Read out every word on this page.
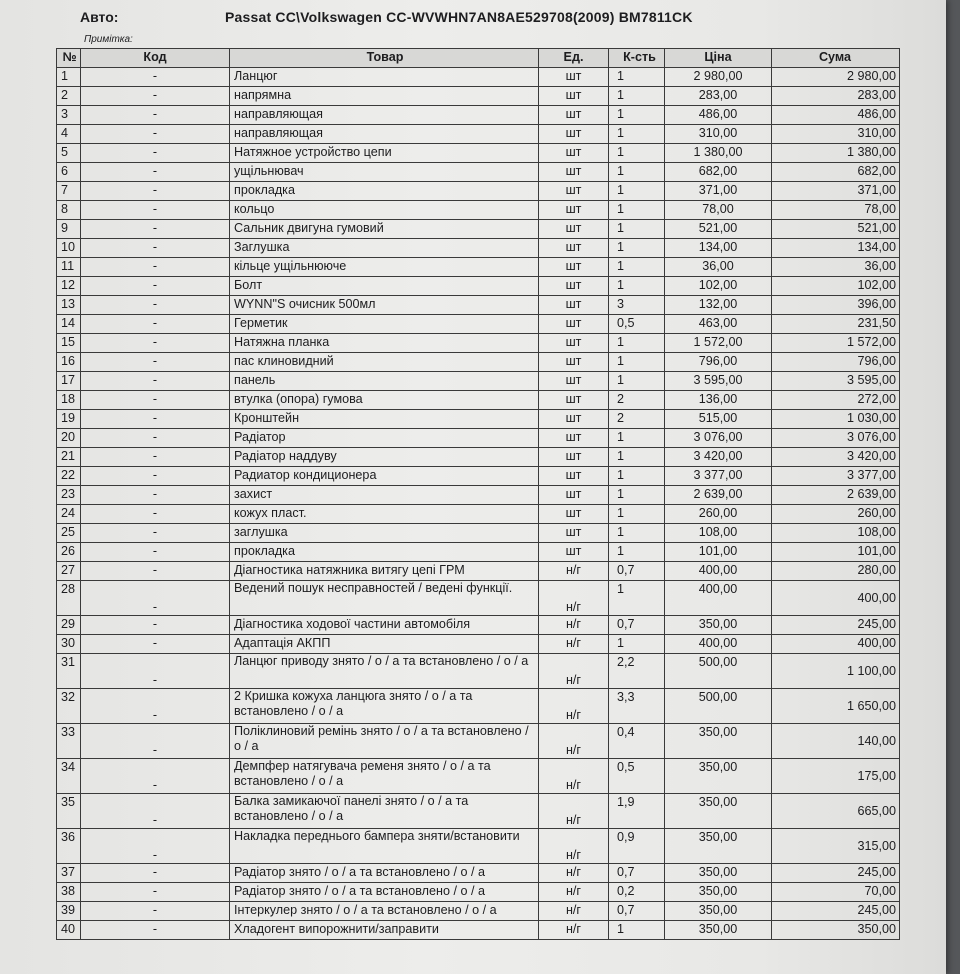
Авто:	Passat CC\Volkswagen CC-WVWHN7AN8AE529708(2009) BM7811CK
Примітка:
№	Код	Товар	Ед.	К-сть	Ціна	Сума
1	-	Ланцюг	шт	1	2 980,00	2 980,00
2	-	напрямна	шт	1	283,00	283,00
3	-	направляющая	шт	1	486,00	486,00
4	-	направляющая	шт	1	310,00	310,00
5	-	Натяжное устройство цепи	шт	1	1 380,00	1 380,00
6	-	ущільнювач	шт	1	682,00	682,00
7	-	прокладка	шт	1	371,00	371,00
8	-	кольцо	шт	1	78,00	78,00
9	-	Сальник двигуна гумовий	шт	1	521,00	521,00
10	-	Заглушка	шт	1	134,00	134,00
11	-	кільце ущільнююче	шт	1	36,00	36,00
12	-	Болт	шт	1	102,00	102,00
13	-	WYNN"S очисник 500мл	шт	3	132,00	396,00
14	-	Герметик	шт	0,5	463,00	231,50
15	-	Натяжна планка	шт	1	1 572,00	1 572,00
16	-	пас клиновидний	шт	1	796,00	796,00
17	-	панель	шт	1	3 595,00	3 595,00
18	-	втулка (опора) гумова	шт	2	136,00	272,00
19	-	Кронштейн	шт	2	515,00	1 030,00
20	-	Радіатор	шт	1	3 076,00	3 076,00
21	-	Радіатор наддуву	шт	1	3 420,00	3 420,00
22	-	Радиатор кондиционера	шт	1	3 377,00	3 377,00
23	-	захист	шт	1	2 639,00	2 639,00
24	-	кожух пласт.	шт	1	260,00	260,00
25	-	заглушка	шт	1	108,00	108,00
26	-	прокладка	шт	1	101,00	101,00
27	-	Діагностика натяжника витягу цепі ГРМ	н/г	0,7	400,00	280,00
28	-	Ведений пошук несправностей / ведені функції.	н/г	1	400,00	400,00
29	-	Діагностика ходової частини автомобіля	н/г	0,7	350,00	245,00
30	-	Адаптація АКПП	н/г	1	400,00	400,00
31	-	Ланцюг приводу знято / о / а та встановлено / о / а	н/г	2,2	500,00	1 100,00
32	-	2 Кришка кожуха ланцюга знято / о / а та встановлено / о / а	н/г	3,3	500,00	1 650,00
33	-	Поліклиновий ремінь знято / о / а та встановлено / о / а	н/г	0,4	350,00	140,00
34	-	Демпфер натягувача ременя знято / о / а та встановлено / о / а	н/г	0,5	350,00	175,00
35	-	Балка замикаючої панелі знято / о / а та встановлено / о / а	н/г	1,9	350,00	665,00
36	-	Накладка переднього бампера зняти/встановити	н/г	0,9	350,00	315,00
37	-	Радіатор знято / о / а та встановлено / о / а	н/г	0,7	350,00	245,00
38	-	Радіатор знято / о / а та встановлено / о / а	н/г	0,2	350,00	70,00
39	-	Інтеркулер знято / о / а та встановлено / о / а	н/г	0,7	350,00	245,00
40	-	Хладогент випорожнити/заправити	н/г	1	350,00	350,00
